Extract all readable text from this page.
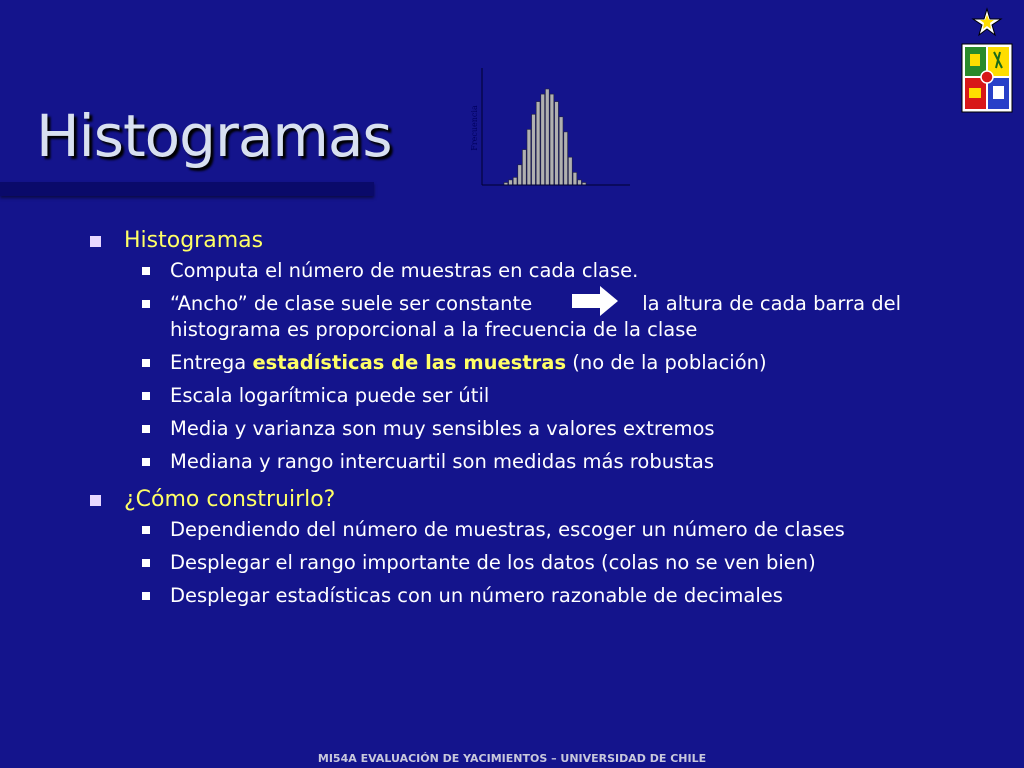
Histogramas	Frecuencia
Histogramas
Computa el número de muestras en cada clase.
“Ancho” de clase suele ser constante	la altura de cada barra del histograma es proporcional a la frecuencia de la clase
Entrega estadísticas de las muestras (no de la población)
Escala logarítmica puede ser útil
Media y varianza son muy sensibles a valores extremos
Mediana y rango intercuartil son medidas más robustas
¿Cómo construirlo?
Dependiendo del número de muestras, escoger un número de clases
Desplegar el rango importante de los datos (colas no se ven bien)
Desplegar estadísticas con un número razonable de decimales
MI54A EVALUACIÓN DE YACIMIENTOS – UNIVERSIDAD DE CHILE
